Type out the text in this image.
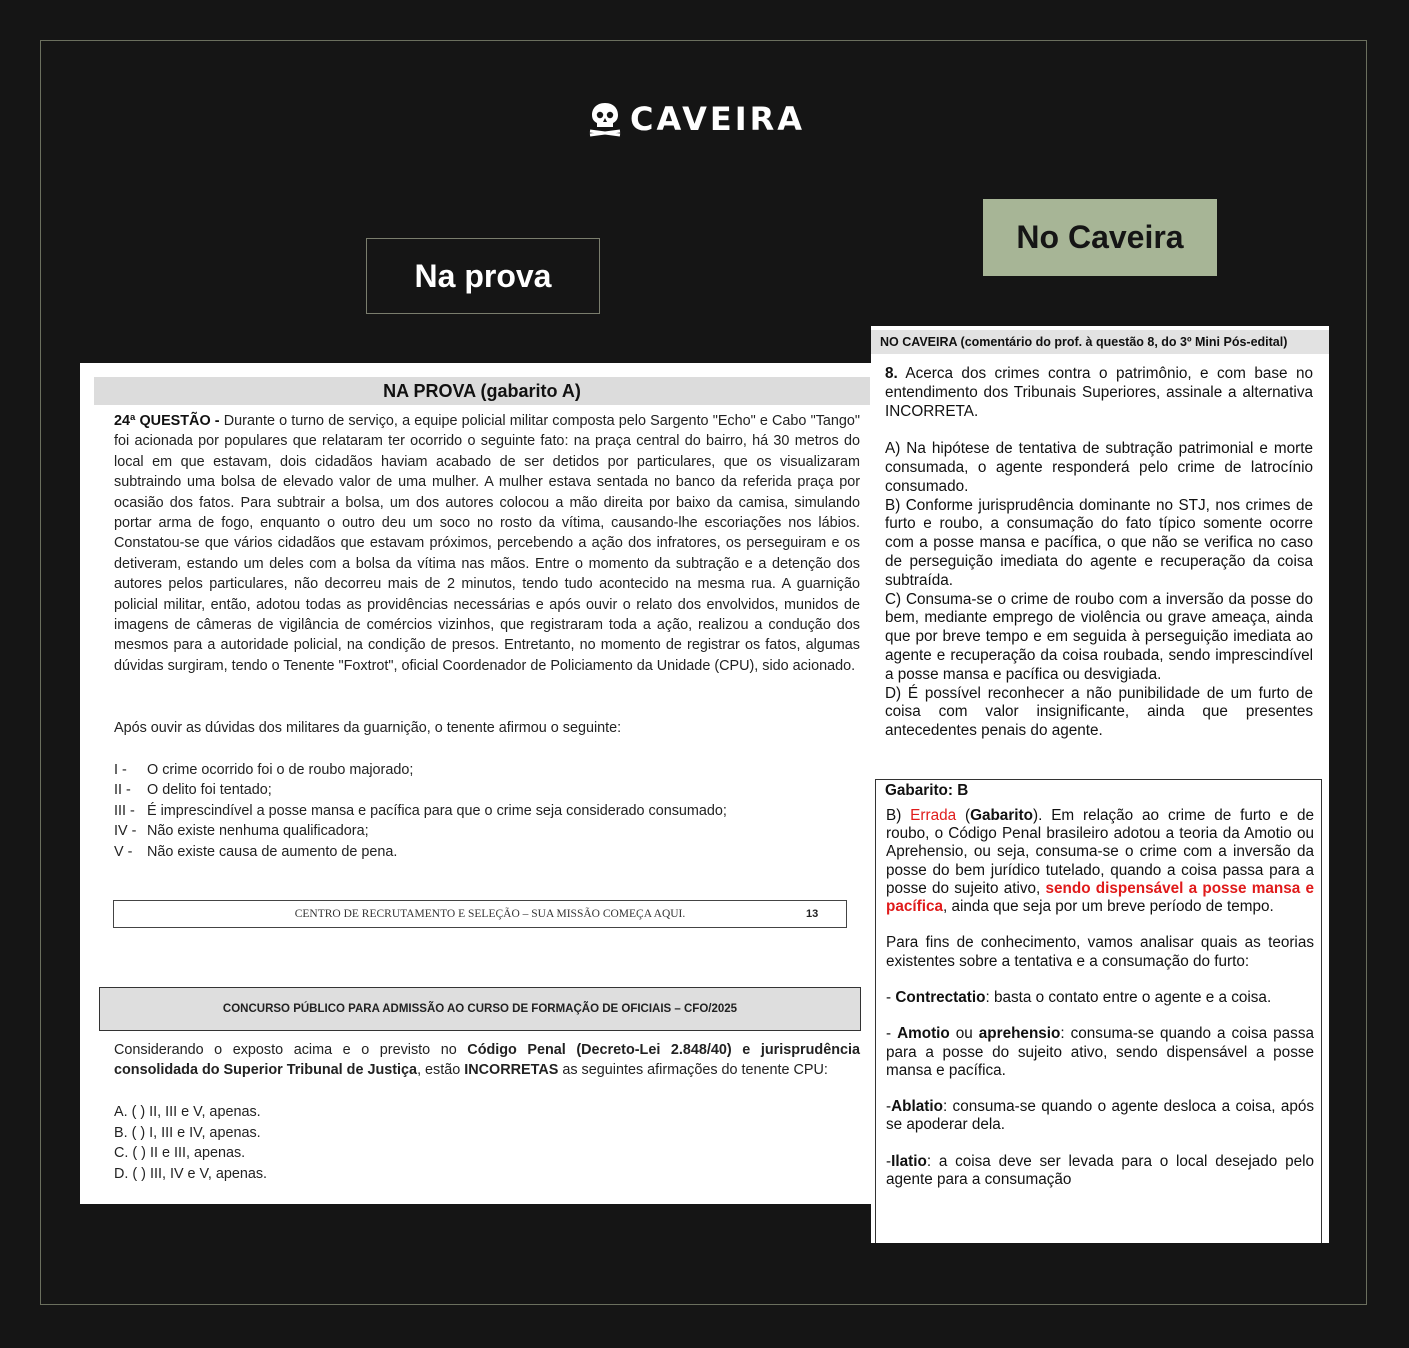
CAVEIRA
Na prova
No Caveira
NA PROVA (gabarito A)
24ª QUESTÃO - Durante o turno de serviço, a equipe policial militar composta pelo Sargento "Echo" e Cabo "Tango" foi acionada por populares que relataram ter ocorrido o seguinte fato: na praça central do bairro, há 30 metros do local em que estavam, dois cidadãos haviam acabado de ser detidos por particulares, que os visualizaram subtraindo uma bolsa de elevado valor de uma mulher. A mulher estava sentada no banco da referida praça por ocasião dos fatos. Para subtrair a bolsa, um dos autores colocou a mão direita por baixo da camisa, simulando portar arma de fogo, enquanto o outro deu um soco no rosto da vítima, causando-lhe escoriações nos lábios. Constatou-se que vários cidadãos que estavam próximos, percebendo a ação dos infratores, os perseguiram e os detiveram, estando um deles com a bolsa da vítima nas mãos. Entre o momento da subtração e a detenção dos autores pelos particulares, não decorreu mais de 2 minutos, tendo tudo acontecido na mesma rua. A guarnição policial militar, então, adotou todas as providências necessárias e após ouvir o relato dos envolvidos, munidos de imagens de câmeras de vigilância de comércios vizinhos, que registraram toda a ação, realizou a condução dos mesmos para a autoridade policial, na condição de presos. Entretanto, no momento de registrar os fatos, algumas dúvidas surgiram, tendo o Tenente "Foxtrot", oficial Coordenador de Policiamento da Unidade (CPU), sido acionado.
Após ouvir as dúvidas dos militares da guarnição, o tenente afirmou o seguinte:
I -	O crime ocorrido foi o de roubo majorado;
II -	O delito foi tentado;
III - É imprescindível a posse mansa e pacífica para que o crime seja considerado consumado;
IV - Não existe nenhuma qualificadora;
V -	Não existe causa de aumento de pena.
CENTRO DE RECRUTAMENTO E SELEÇÃO – SUA MISSÃO COMEÇA AQUI.	13
CONCURSO PÚBLICO PARA ADMISSÃO AO CURSO DE FORMAÇÃO DE OFICIAIS – CFO/2025
Considerando o exposto acima e o previsto no Código Penal (Decreto-Lei 2.848/40) e jurisprudência consolidada do Superior Tribunal de Justiça, estão INCORRETAS as seguintes afirmações do tenente CPU:
A. ( ) II, III e V, apenas.
B. ( ) I, III e IV, apenas.
C. ( ) II e III, apenas.
D. ( ) III, IV e V, apenas.
NO CAVEIRA (comentário do prof. à questão 8, do 3º Mini Pós-edital)

8. Acerca dos crimes contra o patrimônio, e com base no entendimento dos Tribunais Superiores, assinale a alternativa INCORRETA.

A) Na hipótese de tentativa de subtração patrimonial e morte consumada, o agente responderá pelo crime de latrocínio consumado.

B) Conforme jurisprudência dominante no STJ, nos crimes de furto e roubo, a consumação do fato típico somente ocorre com a posse mansa e pacífica, o que não se verifica no caso de perseguição imediata do agente e recuperação da coisa subtraída.

C) Consuma-se o crime de roubo com a inversão da posse do bem, mediante emprego de violência ou grave ameaça, ainda que por breve tempo e em seguida à perseguição imediata ao agente e recuperação da coisa roubada, sendo imprescindível a posse mansa e pacífica ou desvigiada.

D) É possível reconhecer a não punibilidade de um furto de coisa com valor insignificante, ainda que presentes antecedentes penais do agente.

Gabarito: B

B) Errada (Gabarito). Em relação ao crime de furto e de roubo, o Código Penal brasileiro adotou a teoria da Amotio ou Aprehensio, ou seja, consuma-se o crime com a inversão da posse do bem jurídico tutelado, quando a coisa passa para a posse do sujeito ativo, sendo dispensável a posse mansa e pacífica, ainda que seja por um breve período de tempo.

Para fins de conhecimento, vamos analisar quais as teorias existentes sobre a tentativa e a consumação do furto:

- Contrectatio: basta o contato entre o agente e a coisa.

- Amotio ou aprehensio: consuma-se quando a coisa passa para a posse do sujeito ativo, sendo dispensável a posse mansa e pacífica.

-Ablatio: consuma-se quando o agente desloca a coisa, após se apoderar dela.

-Ilatio: a coisa deve ser levada para o local desejado pelo agente para a consumação
